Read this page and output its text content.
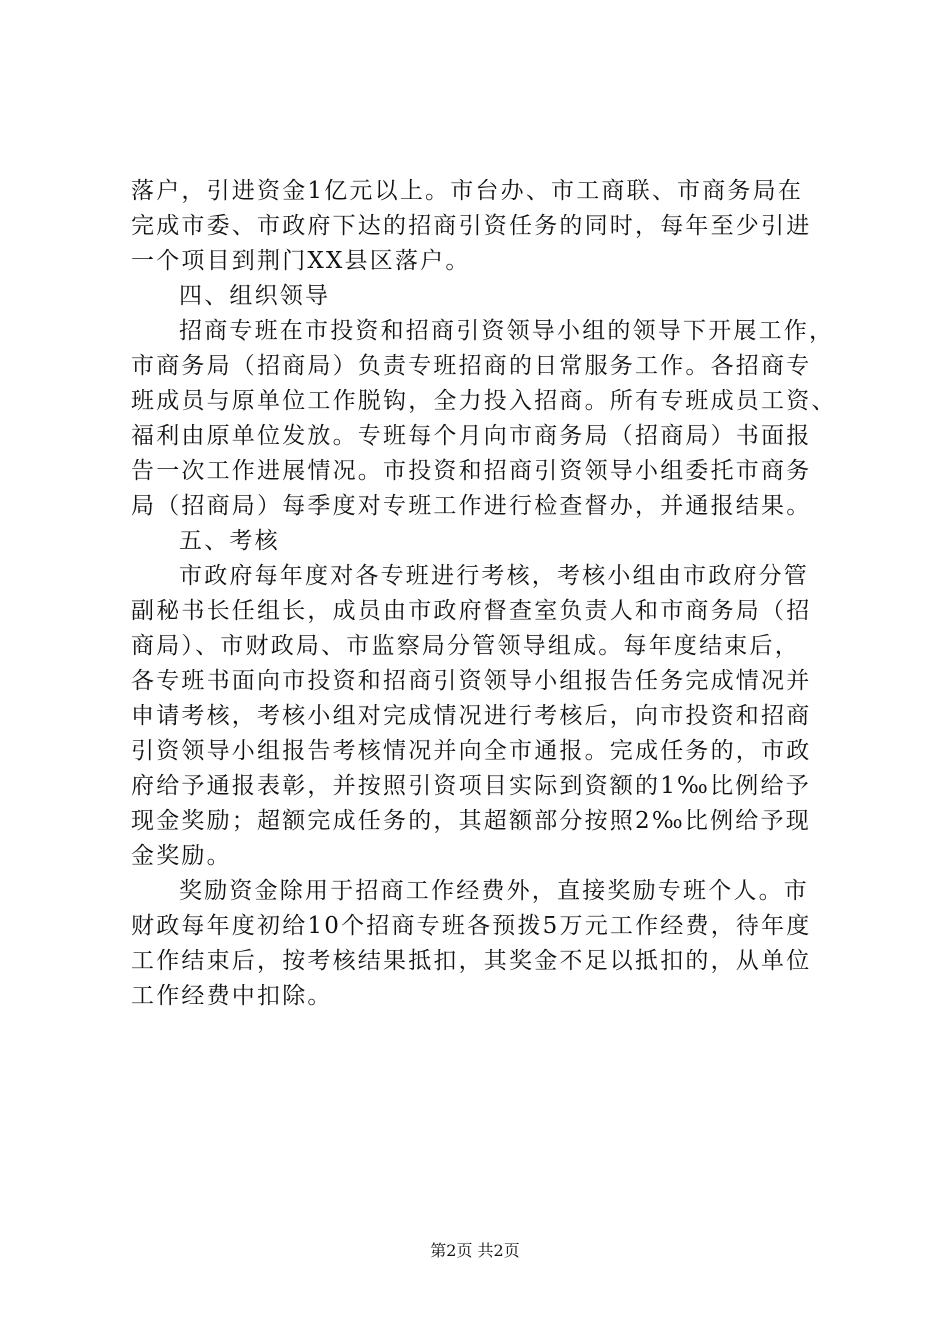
落户，引进资金1亿元以上。市台办、市工商联、市商务局在
完成市委、市政府下达的招商引资任务的同时，每年至少引进
一个项目到荆门XX县区落户。
四、组织领导
招商专班在市投资和招商引资领导小组的领导下开展工作，
市商务局（招商局）负责专班招商的日常服务工作。各招商专
班成员与原单位工作脱钩，全力投入招商。所有专班成员工资、
福利由原单位发放。专班每个月向市商务局（招商局）书面报
告一次工作进展情况。市投资和招商引资领导小组委托市商务
局（招商局）每季度对专班工作进行检查督办，并通报结果。
五、考核
市政府每年度对各专班进行考核，考核小组由市政府分管
副秘书长任组长，成员由市政府督查室负责人和市商务局（招
商局）、市财政局、市监察局分管领导组成。每年度结束后，
各专班书面向市投资和招商引资领导小组报告任务完成情况并
申请考核，考核小组对完成情况进行考核后，向市投资和招商
引资领导小组报告考核情况并向全市通报。完成任务的，市政
府给予通报表彰，并按照引资项目实际到资额的1‰比例给予
现金奖励；超额完成任务的，其超额部分按照2‰比例给予现
金奖励。
奖励资金除用于招商工作经费外，直接奖励专班个人。市
财政每年度初给10个招商专班各预拨5万元工作经费，待年度
工作结束后，按考核结果抵扣，其奖金不足以抵扣的，从单位
工作经费中扣除。
第2页 共2页
